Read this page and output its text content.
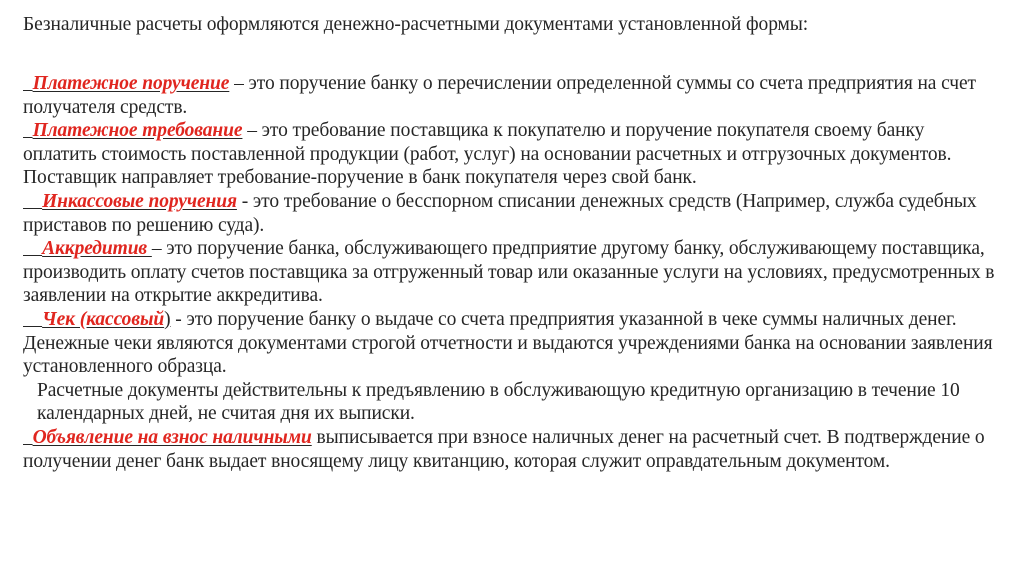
Безналичные расчеты оформляются денежно-расчетными документами установленной формы:

Платежное поручение – это поручение банку о перечислении определенной суммы со счета предприятия на счет получателя средств.

Платежное требование – это требование поставщика к покупателю и поручение покупателя своему банку оплатить стоимость поставленной продукции (работ, услуг) на основании расчетных и отгрузочных документов. Поставщик направляет требование-поручение в банк покупателя через свой банк.

Инкассовые поручения - это требование о бесспорном списании денежных средств (Например, служба судебных приставов по решению суда).

Аккредитив – это поручение банка, обслуживающего предприятие другому банку, обслуживающему поставщика, производить оплату счетов поставщика за отгруженный товар или оказанные услуги на условиях, предусмотренных в заявлении на открытие аккредитива.

Чек (кассовый) - это поручение банку о выдаче со счета предприятия указанной в чеке суммы наличных денег. Денежные чеки являются документами строгой отчетности и выдаются учреждениями банка на основании заявления установленного образца.

Расчетные документы действительны к предъявлению в обслуживающую кредитную организацию в течение 10 календарных дней, не считая дня их выписки.

Объявление на взнос наличными выписывается при взносе наличных денег на расчетный счет. В подтверждение о получении денег банк выдает вносящему лицу квитанцию, которая служит оправдательным документом.
